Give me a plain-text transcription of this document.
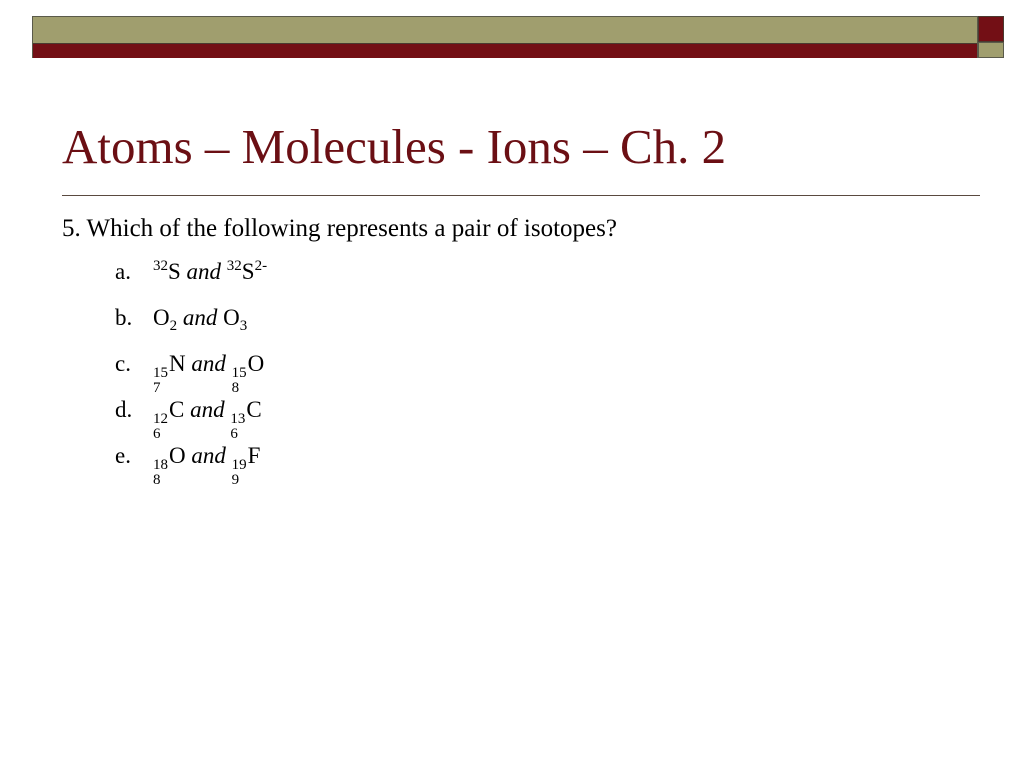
Atoms – Molecules - Ions – Ch. 2
5. Which of the following represents a pair of isotopes?
a. $^{32}$S and $^{32}S^{2-}$
b. $O_2$ and $O_3$
c. 15
7
N and 15
8
O
d. 12
6
C and 13
6
C
e. 18
8
O and 19
9
F
